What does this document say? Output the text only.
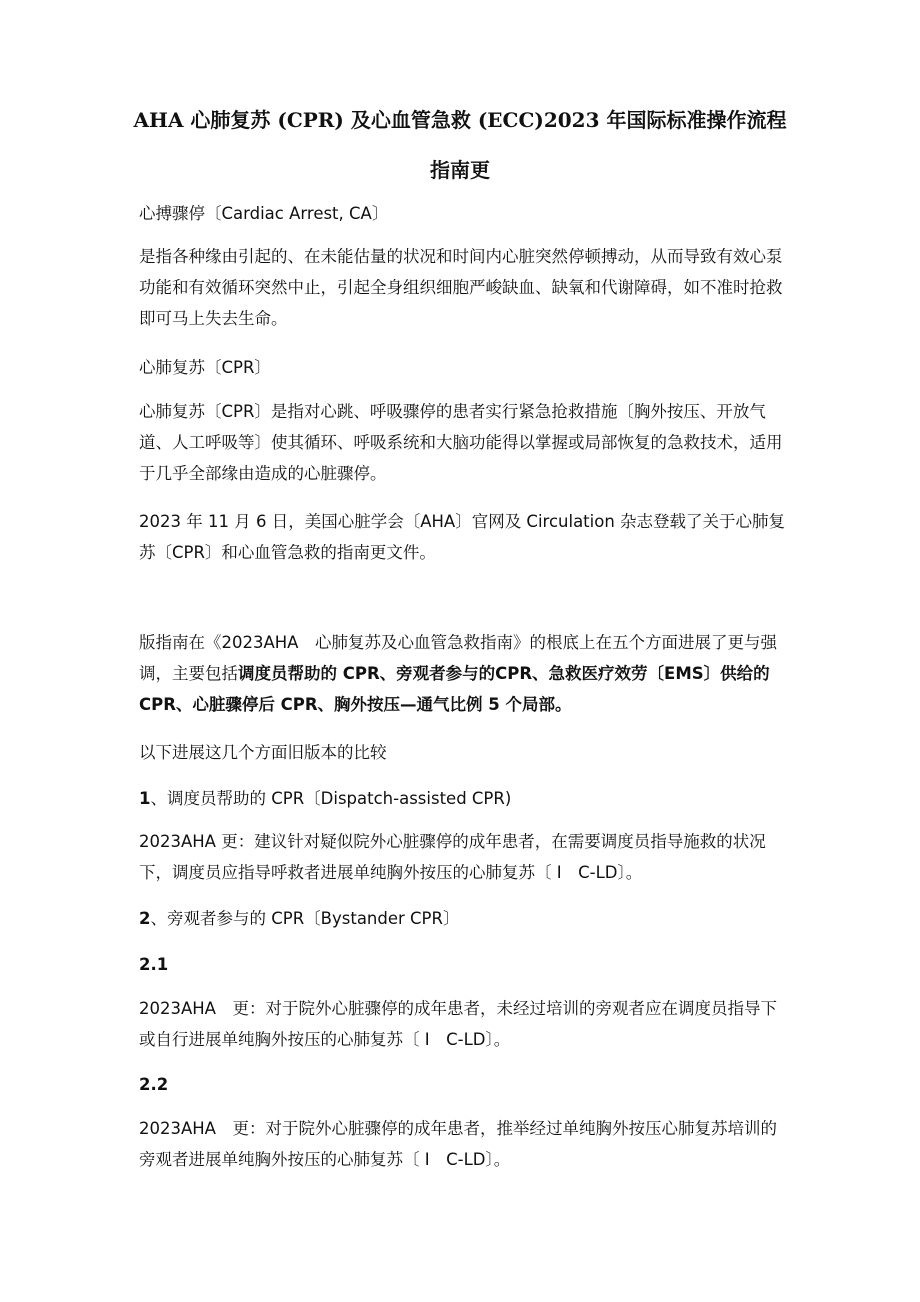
AHA 心肺复苏 (CPR) 及心血管急救 (ECC)2023 年国际标准操作流程
指南更

心搏骤停〔Cardiac Arrest, CA〕

是指各种缘由引起的、在未能估量的状况和时间内心脏突然停顿搏动，从而导致有效心泵功能和有效循环突然中止，引起全身组织细胞严峻缺血、缺氧和代谢障碍，如不准时抢救即可马上失去生命。

心肺复苏〔CPR〕

心肺复苏〔CPR〕是指对心跳、呼吸骤停的患者实行紧急抢救措施〔胸外按压、开放气道、人工呼吸等〕使其循环、呼吸系统和大脑功能得以掌握或局部恢复的急救技术，适用于几乎全部缘由造成的心脏骤停。

2023 年 11 月 6 日，美国心脏学会〔AHA〕官网及 Circulation 杂志登载了关于心肺复苏〔CPR〕和心血管急救的指南更文件。

版指南在《2023AHA　心肺复苏及心血管急救指南》的根底上在五个方面进展了更与强调，主要包括调度员帮助的 CPR、旁观者参与的CPR、急救医疗效劳〔EMS〕供给的 CPR、心脏骤停后 CPR、胸外按压—通气比例 5 个局部。

以下进展这几个方面旧版本的比较

1、调度员帮助的 CPR〔Dispatch-assisted CPR)

2023AHA 更：建议针对疑似院外心脏骤停的成年患者，在需要调度员指导施救的状况下，调度员应指导呼救者进展单纯胸外按压的心肺复苏〔 I　C-LD〕。

2、旁观者参与的 CPR〔Bystander CPR〕

2.1

2023AHA　更：对于院外心脏骤停的成年患者，未经过培训的旁观者应在调度员指导下或自行进展单纯胸外按压的心肺复苏〔 I　C-LD〕。

2.2

2023AHA　更：对于院外心脏骤停的成年患者，推举经过单纯胸外按压心肺复苏培训的旁观者进展单纯胸外按压的心肺复苏〔 I　C-LD〕。
